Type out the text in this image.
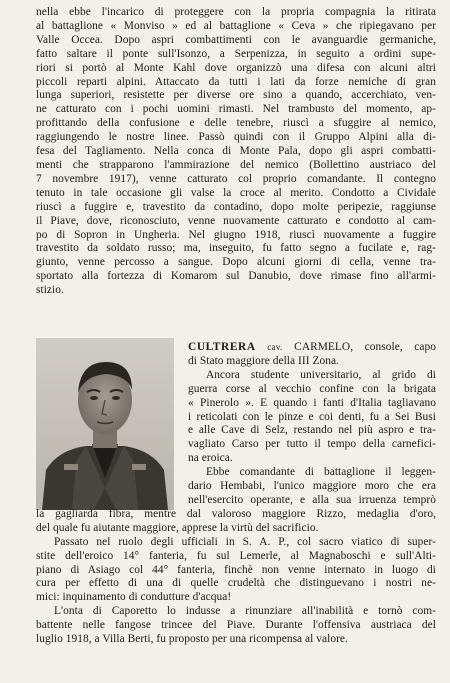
nella ebbe l'incarico di proteggere con la propria compagnia la ritirata
al battaglione « Monviso » ed al battaglione « Ceva » che ripiegavano per
Valle Occea. Dopo aspri combattimenti con le avanguardie germaniche,
fatto saltare il ponte sull'Isonzo, a Serpenizza, in seguito a ordini supe-
riori si portò al Monte Kahl dove organizzò una difesa con alcuni altri
piccoli reparti alpini. Attaccato da tutti i lati da forze nemiche di gran
lunga superiori, resistette per diverse ore sino a quando, accerchiato, ven-
ne catturato con i pochi uomini rimasti. Nel trambusto del momento, ap-
profittando della confusione e delle tenebre, riuscì a sfuggire al nemico,
raggiungendo le nostre linee. Passò quindi con il Gruppo Alpini alla di-
fesa del Tagliamento. Nella conca di Monte Pala, dopo gli aspri combatti-
menti che strapparono l'ammirazione del nemico (Bollettino austriaco del
7 novembre 1917), venne catturato col proprio comandante. Il contegno
tenuto in tale occasione gli valse la croce al merito. Condotto a Cividale
riuscì a fuggire e, travestito da contadino, dopo molte peripezie, raggiunse
il Piave, dove, riconosciuto, venne nuovamente catturato e condotto al cam-
po di Sopron in Ungheria. Nel giugno 1918, riuscì nuovamente a fuggire
travestito da soldato russo; ma, inseguito, fu fatto segno a fucilate e, rag-
giunto, venne percosso a sangue. Dopo alcuni giorni di cella, venne tra-
sportato alla fortezza di Komarom sul Danubio, dove rimase fino all'armi-
stizio.
CULTRERA cav. CARMELO, console, capo
di Stato maggiore della III Zona.
Ancora studente universitario, al grido di
guerra corse al vecchio confine con la brigata
« Pinerolo ». E quando i fanti d'Italia tagliavano
i reticolati con le pinze e coi denti, fu a Sei Busi
e alle Cave di Selz, restando nel più aspro e tra-
vagliato Carso per tutto il tempo della carnefici-
na eroica.
Ebbe comandante di battaglione il leggen-
dario Hembabi, l'unico maggiore moro che era
nell'esercito operante, e alla sua irruenza temprò
la gagliarda fibra, mentre dal valoroso maggiore Rizzo, medaglia d'oro,
del quale fu aiutante maggiore, apprese la virtù del sacrificio.
Passato nel ruolo degli ufficiali in S. A. P., col sacro viatico di super-
stite dell'eroico 14° fanteria, fu sul Lemerle, al Magnaboschi e sull'Alti-
piano di Asiago col 44° fanteria, finchè non venne internato in luogo di
cura per effetto di una di quelle crudeltà che distinguevano i nostri ne-
mici: inquinamento di condutture d'acqua!
L'onta di Caporetto lo indusse a rinunziare all'inabilità e tornò com-
battente nelle fangose trincee del Piave. Durante l'offensiva austriaca del
luglio 1918, a Villa Berti, fu proposto per una ricompensa al valore.
